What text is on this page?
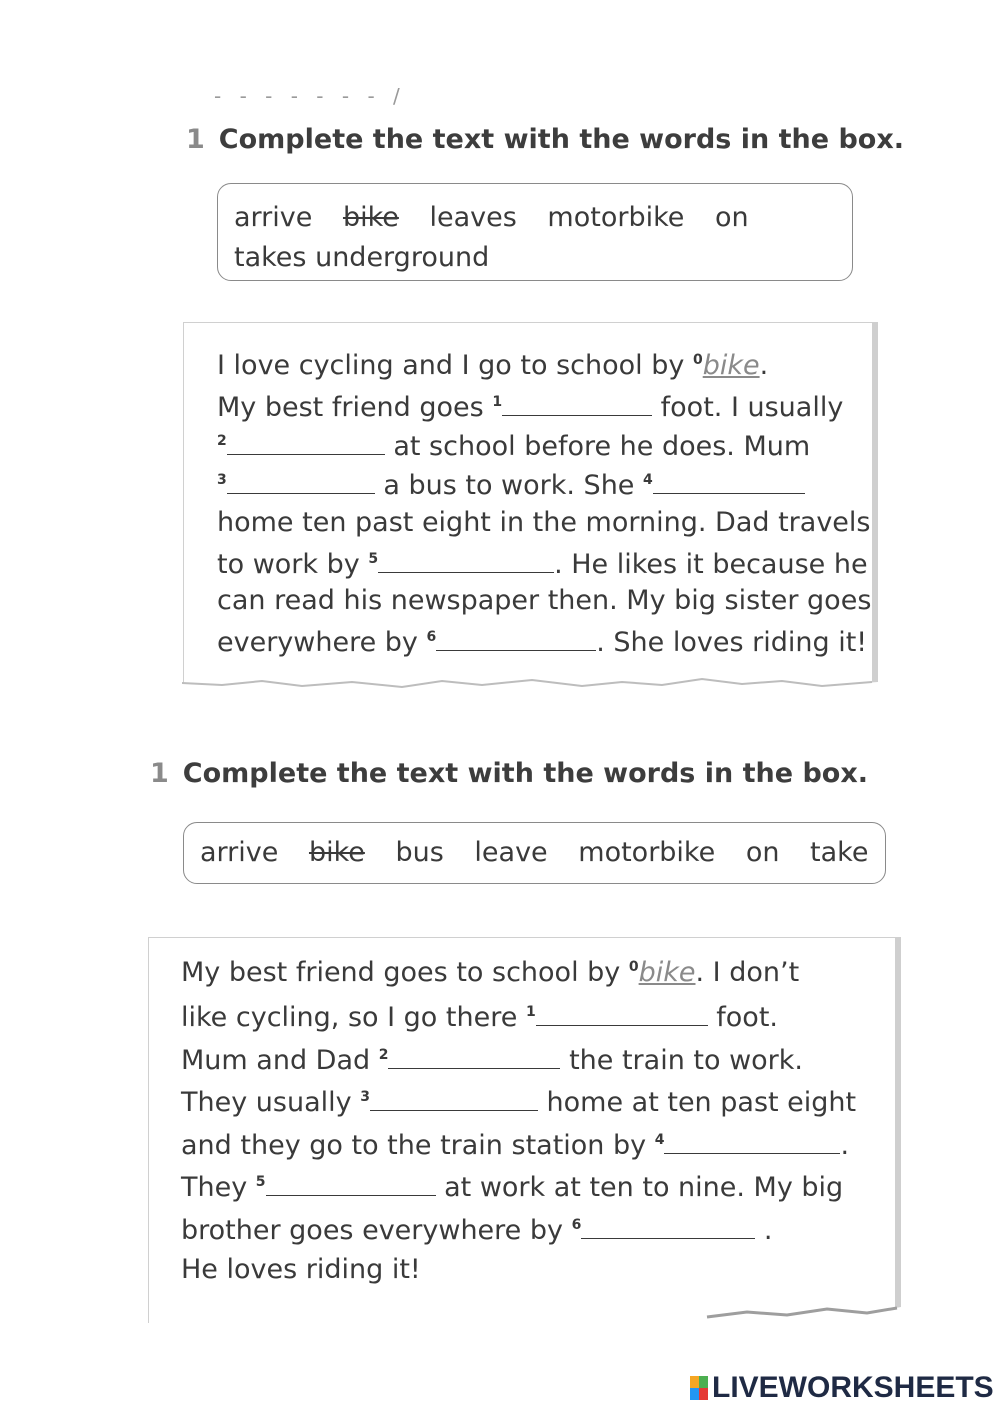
- - - - - - - /
1 Complete the text with the words in the box.
arrive bike leaves motorbike on takes underground
I love cycling and I go to school by $^0$bike.
My best friend goes $^1$	foot. I usually
$^2$	at school before he does. Mum
$^3$	a bus to work. She $^4$
home ten past eight in the morning. Dad travels
to work by $^5$	. He likes it because he
can read his newspaper then. My big sister goes
everywhere by $^6$	. She loves riding it!
1 Complete the text with the words in the box.
arrive bike bus leave motorbike on take
My best friend goes to school by $^0$bike. I don’t
like cycling, so I go there $^1$	foot.
Mum and Dad $^2$	the train to work.
They usually $^3$	home at ten past eight
and they go to the train station by $^4$	.
They $^5$	at work at ten to nine. My big
brother goes everywhere by $^6$	.
He loves riding it!
LIVEWORKSHEETS
